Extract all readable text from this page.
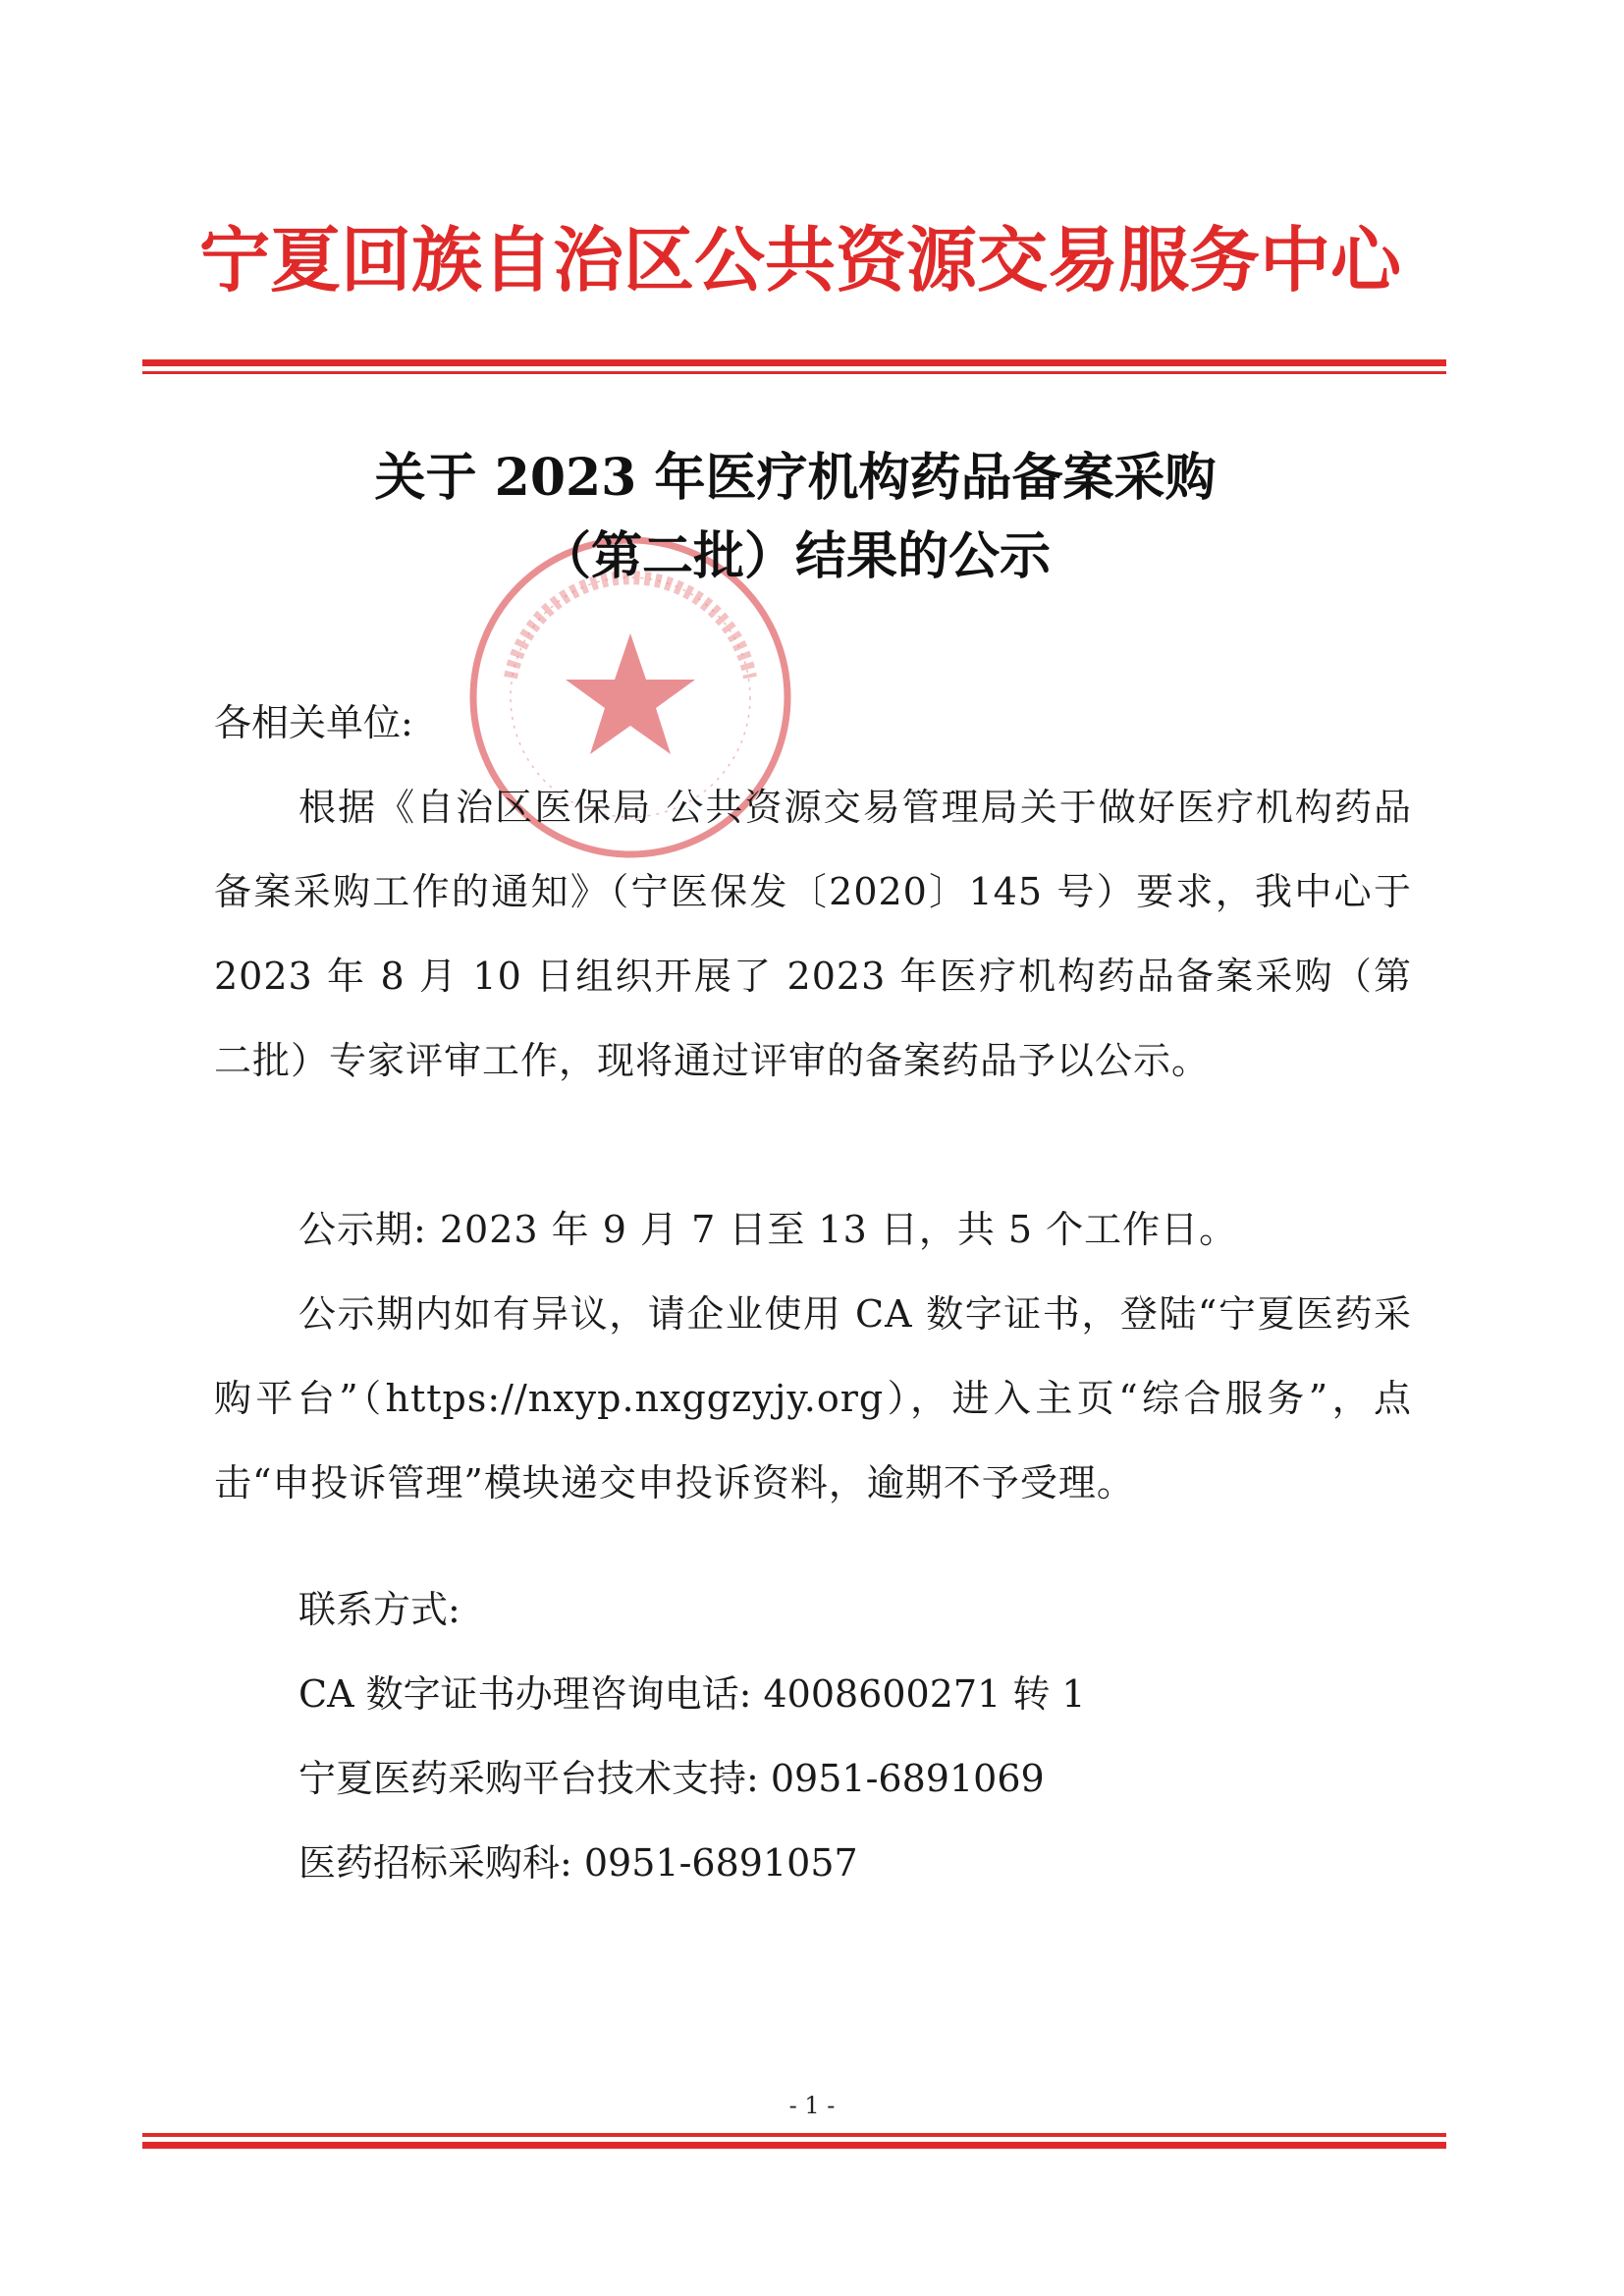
宁夏回族自治区公共资源交易服务中心
关于 2023 年医疗机构药品备案采购
（第二批）结果的公示
各相关单位:

根据《自治区医保局 公共资源交易管理局关于做好医疗机构药品备案采购工作的通知》（宁医保发〔2020〕145 号）要求，我中心于 2023 年 8 月 10 日组织开展了 2023 年医疗机构药品备案采购（第二批）专家评审工作，现将通过评审的备案药品予以公示。

公示期: 2023 年 9 月 7 日至 13 日，共 5 个工作日。

公示期内如有异议，请企业使用 CA 数字证书，登陆“宁夏医药采购平台”（https://nxyp.nxggzyjy.org），进入主页“综合服务”，点击“申投诉管理”模块递交申投诉资料，逾期不予受理。

联系方式:
CA 数字证书办理咨询电话: 4008600271 转 1
宁夏医药采购平台技术支持: 0951-6891069
医药招标采购科: 0951-6891057
- 1 -
